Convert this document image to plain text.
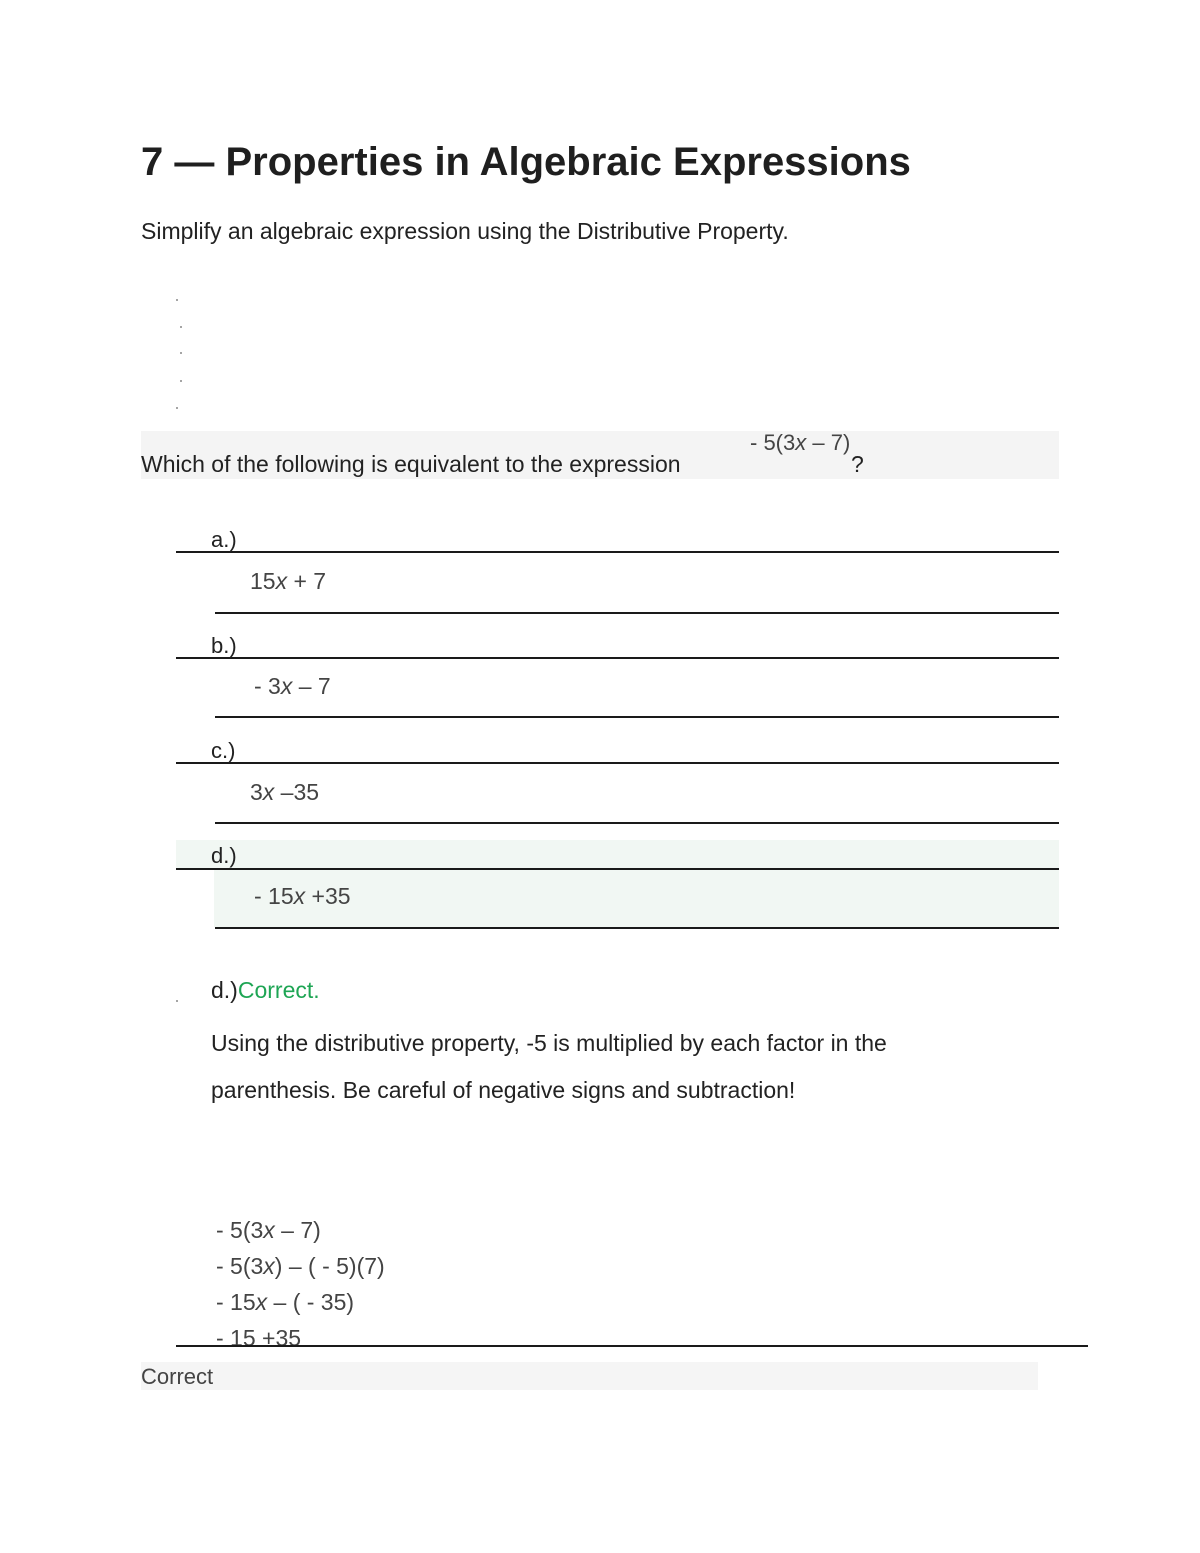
7 — Properties in Algebraic Expressions
Simplify an algebraic expression using the Distributive Property.
Which of the following is equivalent to the expression
- 5(3x – 7)
?
a.)
15x + 7
b.)
- 3x – 7
c.)
3x –35
d.)
- 15x +35
d.)Correct.
Using the distributive property, -5 is multiplied by each factor in the parenthesis. Be careful of negative signs and subtraction!
- 5(3x – 7)
- 5(3x) – ( - 5)(7)
- 15x – ( - 35)
- 15 +35
Correct
